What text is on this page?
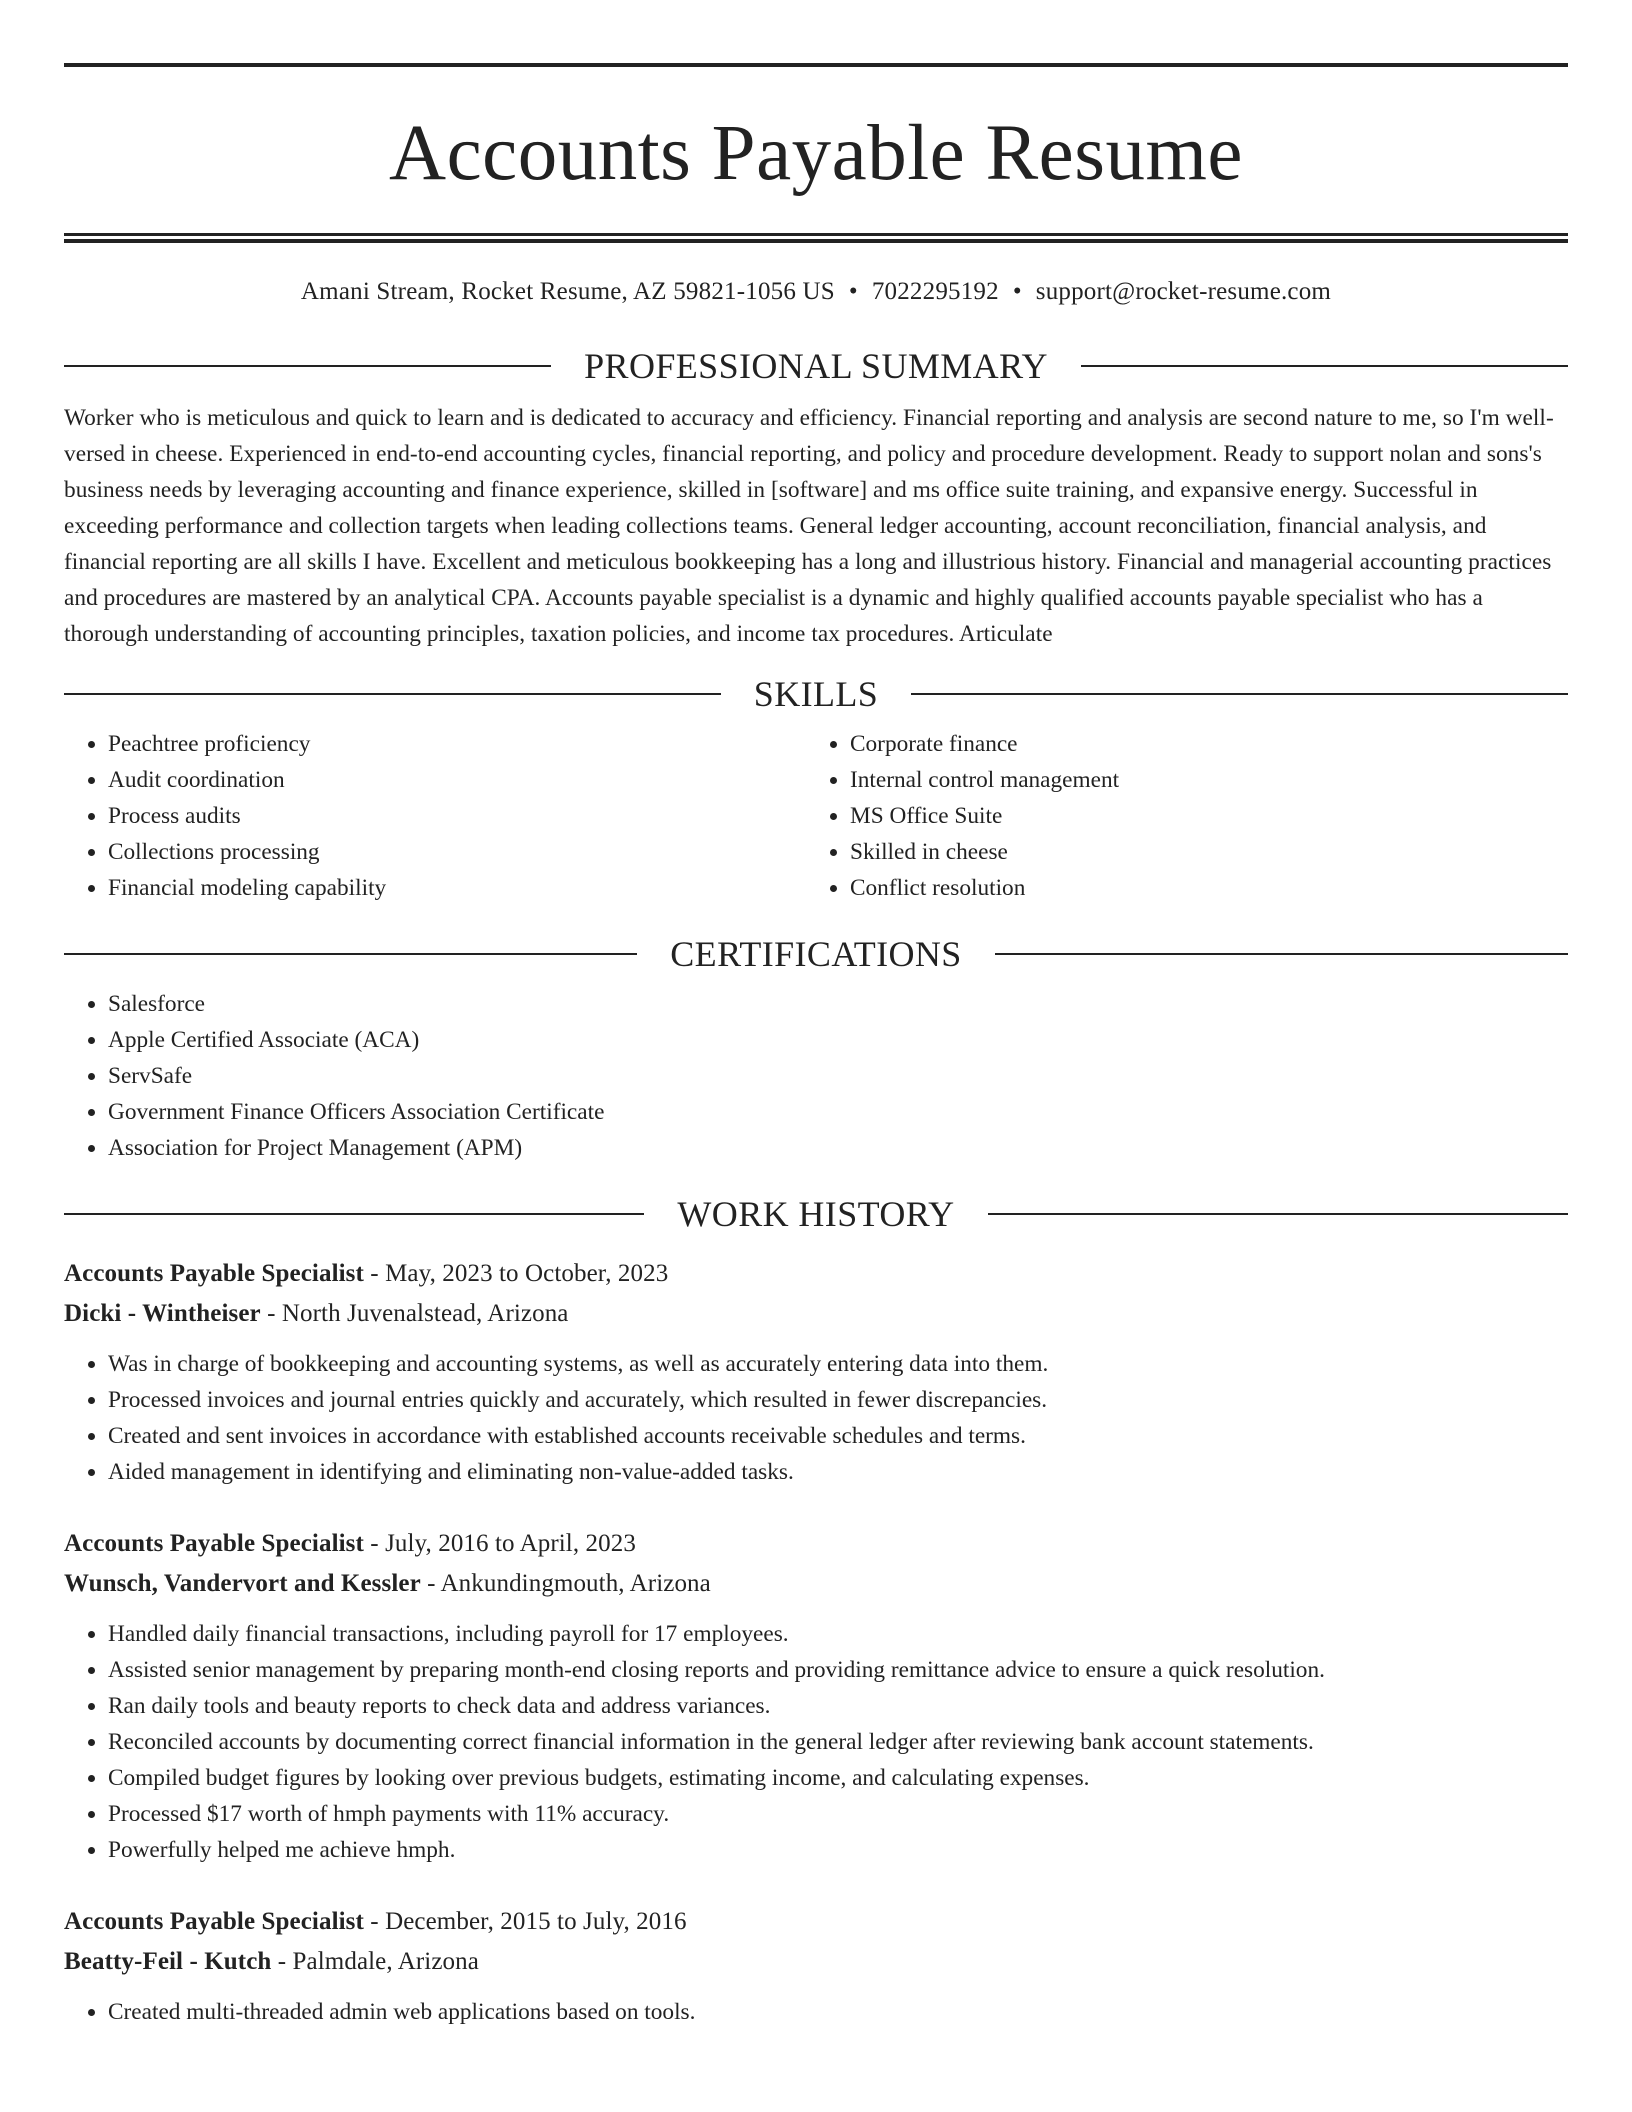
Accounts Payable Resume
Amani Stream, Rocket Resume, AZ 59821-1056 US • 7022295192 • support@rocket-resume.com
PROFESSIONAL SUMMARY

Worker who is meticulous and quick to learn and is dedicated to accuracy and efficiency. Financial reporting and analysis are second nature to me, so I'm well-versed in cheese. Experienced in end-to-end accounting cycles, financial reporting, and policy and procedure development. Ready to support nolan and sons's business needs by leveraging accounting and finance experience, skilled in [software] and ms office suite training, and expansive energy. Successful in exceeding performance and collection targets when leading collections teams. General ledger accounting, account reconciliation, financial analysis, and financial reporting are all skills I have. Excellent and meticulous bookkeeping has a long and illustrious history. Financial and managerial accounting practices and procedures are mastered by an analytical CPA. Accounts payable specialist is a dynamic and highly qualified accounts payable specialist who has a thorough understanding of accounting principles, taxation policies, and income tax procedures. Articulate

SKILLS
• Peachtree proficiency
• Audit coordination
• Process audits
• Collections processing
• Financial modeling capability
• Corporate finance
• Internal control management
• MS Office Suite
• Skilled in cheese
• Conflict resolution
CERTIFICATIONS
• Salesforce
• Apple Certified Associate (ACA)
• ServSafe
• Government Finance Officers Association Certificate
• Association for Project Management (APM)
WORK HISTORY
Accounts Payable Specialist - May, 2023 to October, 2023
Dicki - Wintheiser - North Juvenalstead, Arizona
• Was in charge of bookkeeping and accounting systems, as well as accurately entering data into them.
• Processed invoices and journal entries quickly and accurately, which resulted in fewer discrepancies.
• Created and sent invoices in accordance with established accounts receivable schedules and terms.
• Aided management in identifying and eliminating non-value-added tasks.
Accounts Payable Specialist - July, 2016 to April, 2023
Wunsch, Vandervort and Kessler - Ankundingmouth, Arizona
• Handled daily financial transactions, including payroll for 17 employees.
• Assisted senior management by preparing month-end closing reports and providing remittance advice to ensure a quick resolution.
• Ran daily tools and beauty reports to check data and address variances.
• Reconciled accounts by documenting correct financial information in the general ledger after reviewing bank account statements.
• Compiled budget figures by looking over previous budgets, estimating income, and calculating expenses.
• Processed $17 worth of hmph payments with 11% accuracy.
• Powerfully helped me achieve hmph.
Accounts Payable Specialist - December, 2015 to July, 2016
Beatty-Feil - Kutch - Palmdale, Arizona
• Created multi-threaded admin web applications based on tools.
